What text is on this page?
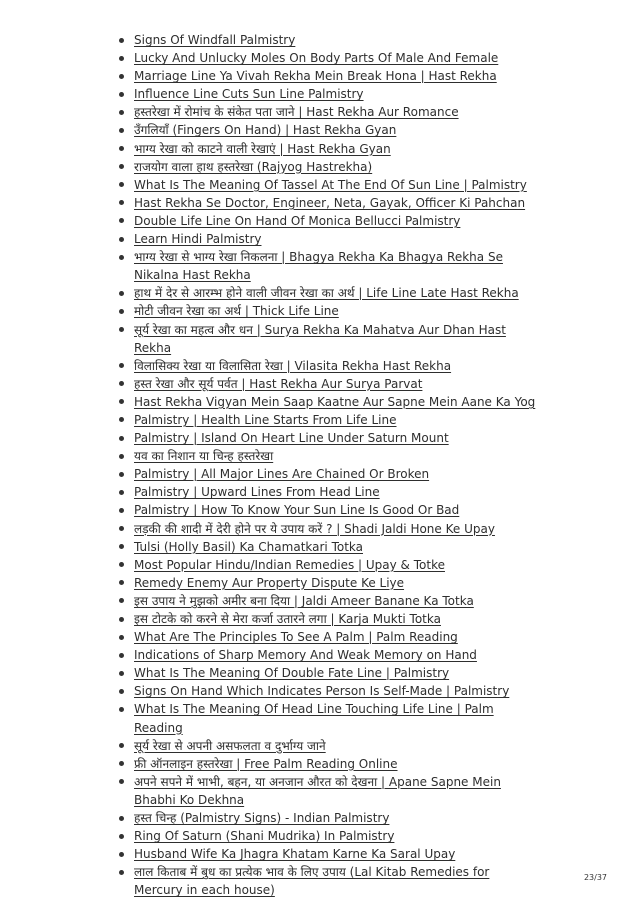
Signs Of Windfall Palmistry
Lucky And Unlucky Moles On Body Parts Of Male And Female
Marriage Line Ya Vivah Rekha Mein Break Hona | Hast Rekha
Influence Line Cuts Sun Line Palmistry
हस्तरेखा में रोमांच के संकेत पता जाने | Hast Rekha Aur Romance
उँगलियाँ (Fingers On Hand) | Hast Rekha Gyan
भाग्य रेखा को काटने वाली रेखाएं | Hast Rekha Gyan
राजयोग वाला हाथ हस्तरेखा (Rajyog Hastrekha)
What Is The Meaning Of Tassel At The End Of Sun Line | Palmistry
Hast Rekha Se Doctor, Engineer, Neta, Gayak, Officer Ki Pahchan
Double Life Line On Hand Of Monica Bellucci Palmistry
Learn Hindi Palmistry
भाग्य रेखा से भाग्य रेखा निकलना | Bhagya Rekha Ka Bhagya Rekha Se Nikalna Hast Rekha
हाथ में देर से आरम्भ होने वाली जीवन रेखा का अर्थ | Life Line Late Hast Rekha
मोटी जीवन रेखा का अर्थ | Thick Life Line
सूर्य रेखा का महत्व और धन | Surya Rekha Ka Mahatva Aur Dhan Hast Rekha
विलासिक्य रेखा या विलासिता रेखा | Vilasita Rekha Hast Rekha
हस्त रेखा और सूर्य पर्वत | Hast Rekha Aur Surya Parvat
Hast Rekha Vigyan Mein Saap Kaatne Aur Sapne Mein Aane Ka Yog
Palmistry | Health Line Starts From Life Line
Palmistry | Island On Heart Line Under Saturn Mount
यव का निशान या चिन्ह हस्तरेखा
Palmistry | All Major Lines Are Chained Or Broken
Palmistry | Upward Lines From Head Line
Palmistry | How To Know Your Sun Line Is Good Or Bad
लड़की की शादी में देरी होने पर ये उपाय करें ? | Shadi Jaldi Hone Ke Upay
Tulsi (Holly Basil) Ka Chamatkari Totka
Most Popular Hindu/Indian Remedies | Upay & Totke
Remedy Enemy Aur Property Dispute Ke Liye
इस उपाय ने मुझको अमीर बना दिया | Jaldi Ameer Banane Ka Totka
इस टोटके को करने से मेरा कर्जा उतारने लगा | Karja Mukti Totka
What Are The Principles To See A Palm | Palm Reading
Indications of Sharp Memory And Weak Memory on Hand
What Is The Meaning Of Double Fate Line | Palmistry
Signs On Hand Which Indicates Person Is Self-Made | Palmistry
What Is The Meaning Of Head Line Touching Life Line | Palm Reading
सूर्य रेखा से अपनी असफलता व दुर्भाग्य जाने
फ्री ऑनलाइन हस्तरेखा | Free Palm Reading Online
अपने सपने में भाभी, बहन, या अनजान औरत को देखना | Apane Sapne Mein Bhabhi Ko Dekhna
हस्त चिन्ह (Palmistry Signs) - Indian Palmistry
Ring Of Saturn (Shani Mudrika) In Palmistry
Husband Wife Ka Jhagra Khatam Karne Ka Saral Upay
लाल किताब में बुध का प्रत्येक भाव के लिए उपाय (Lal Kitab Remedies for Mercury in each house)
23/37
